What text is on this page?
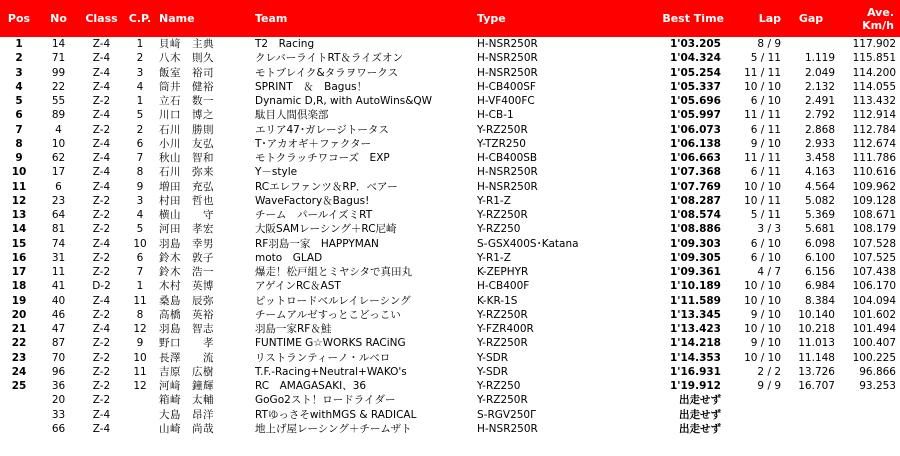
Pos	No	Class	C.P.	Name	Team	Type	Best Time	Lap	Gap	Ave.
Km/h
1	14	Z-4	1	貝﨑　主典	T2　Racing	H-NSR250R	1'03.205	8 / 9		117.902
2	71	Z-4	2	八木　則久	クレバーライトRT＆ライズオン	H-NSR250R	1'04.324	5 / 11	1.119	115.851
3	99	Z-4	3	飯室　裕司	モトブレイク&タラヲワークス	H-NSR250R	1'05.254	11 / 11	2.049	114.200
4	22	Z-4	4	筒井　健裕	SPRINT　＆　Bagus！	H-CB400SF	1'05.337	10 / 10	2.132	114.055
5	55	Z-2	1	立石　数一	Dynamic D,R, with AutoWins&QW	H-VF400FC	1'05.696	6 / 10	2.491	113.432
6	89	Z-4	5	川口　博之	駄目人間倶楽部	H-CB-1	1'05.997	11 / 11	2.792	112.914
7	4	Z-2	2	石川　勝則	エリア47･ガレージトータス	Y-RZ250R	1'06.073	6 / 11	2.868	112.784
8	10	Z-4	6	小川　友弘	T･アカオギ＋ファクター	Y-TZR250	1'06.138	9 / 10	2.933	112.674
9	62	Z-4	7	秋山　智和	モトクラッチワコーズ　EXP	H-CB400SB	1'06.663	11 / 11	3.458	111.786
10	17	Z-4	8	石川　弥来	Y－style	H-NSR250R	1'07.368	6 / 11	4.163	110.616
11	6	Z-4	9	増田　充弘	RCエレファンツ＆RP．ベアー	H-NSR250R	1'07.769	10 / 10	4.564	109.962
12	23	Z-2	3	村田　哲也	WaveFactory＆Bagus!	Y-R1-Z	1'08.287	10 / 11	5.082	109.128
13	64	Z-2	4	横山　　守	チーム　パールイズミRT	Y-RZ250R	1'08.574	5 / 11	5.369	108.671
14	81	Z-2	5	河田　孝宏	大阪SAMレーシング＋RC尼崎	Y-RZ250	1'08.886	3 / 3	5.681	108.179
15	74	Z-4	10	羽島　幸男	RF羽島一家　HAPPYMAN	S-GSX400S･Katana	1'09.303	6 / 10	6.098	107.528
16	31	Z-2	6	鈴木　敦子	moto　GLAD	Y-R1-Z	1'09.305	6 / 10	6.100	107.525
17	11	Z-2	7	鈴木　浩一	爆走！松戸組とミヤシタで真田丸	K-ZEPHYR	1'09.361	4 / 7	6.156	107.438
18	41	D-2	1	木村　英博	アゲインRC＆AST	H-CB400F	1'10.189	10 / 10	6.984	106.170
19	40	Z-4	11	桑島　辰弥	ピットロードベルレイレーシング	K-KR-1S	1'11.589	10 / 10	8.384	104.094
20	46	Z-2	8	高橋　英裕	チームアルゼすっとこどっこい	Y-RZ250R	1'13.345	9 / 10	10.140	101.602
21	47	Z-4	12	羽島　智志	羽島一家RF＆鮭	Y-FZR400R	1'13.423	10 / 10	10.218	101.494
22	87	Z-2	9	野口　　孝	FUNTIME G☆WORKS RACiNG	Y-RZ250R	1'14.218	9 / 10	11.013	100.407
23	70	Z-2	10	長澤　　流	リストランティーノ・ルベロ	Y-SDR	1'14.353	10 / 10	11.148	100.225
24	96	Z-2	11	吉原　広樹	T.F.-Racing+Neutral+WAKO's	Y-SDR	1'16.931	2 / 2	13.726	96.866
25	36	Z-2	12	河﨑　鐘輝	RC　AMAGASAKI、36	Y-RZ250	1'19.912	9 / 9	16.707	93.253
	20	Z-2		箱崎　太輔	GoGo2スト！ロードライダー	Y-RZ250R	出走せず			
	33	Z-4		大島　昂洋	RTゆっさそwithMGS & RADICAL	S-RGV250Γ	出走せず			
	66	Z-4		山崎　尚哉	地上げ屋レーシング＋チームザト	H-NSR250R	出走せず			
